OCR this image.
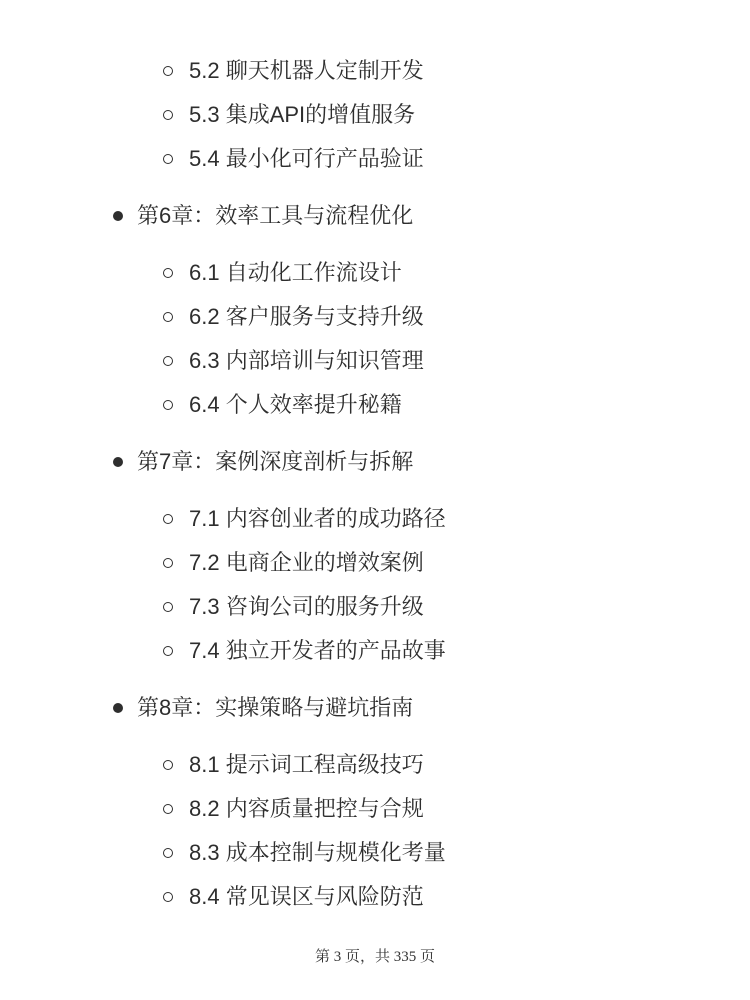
5.2 聊天机器人定制开发
5.3 集成API的增值服务
5.4 最小化可行产品验证
第6章：效率工具与流程优化
6.1 自动化工作流设计
6.2 客户服务与支持升级
6.3 内部培训与知识管理
6.4 个人效率提升秘籍
第7章：案例深度剖析与拆解
7.1 内容创业者的成功路径
7.2 电商企业的增效案例
7.3 咨询公司的服务升级
7.4 独立开发者的产品故事
第8章：实操策略与避坑指南
8.1 提示词工程高级技巧
8.2 内容质量把控与合规
8.3 成本控制与规模化考量
8.4 常见误区与风险防范
第 3 页，共 335 页
